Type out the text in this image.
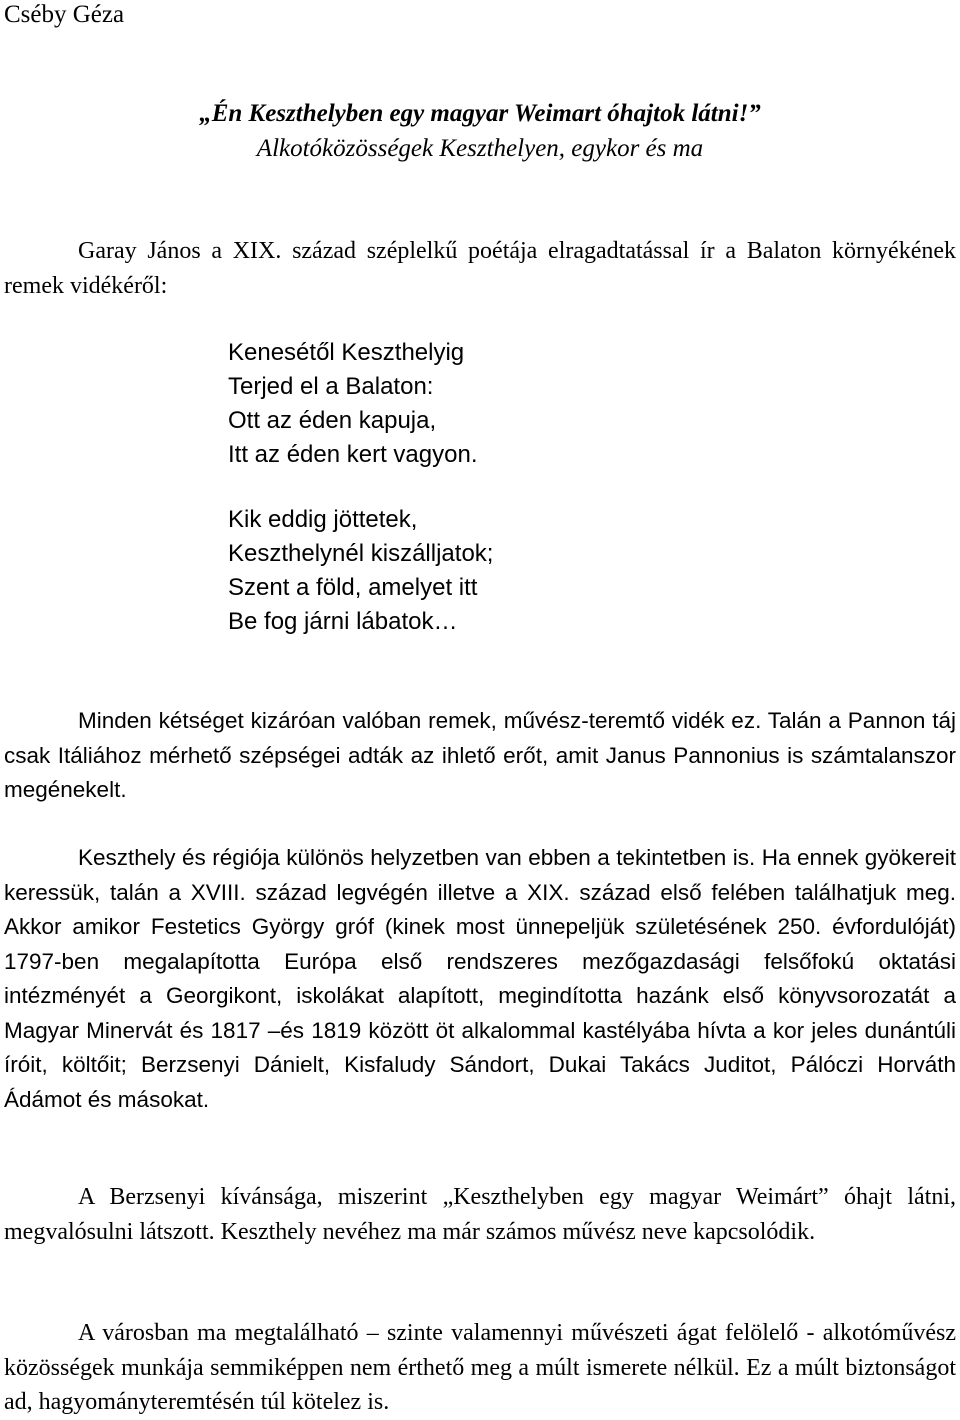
Cséby Géza
„Én Keszthelyben egy magyar Weimart óhajtok látni!”
Alkotóközösségek Keszthelyen, egykor és ma

Garay János a XIX. század széplelkű poétája elragadtatással ír a Balaton környékének remek vidékéről:

Kenesétől Keszthelyig
Terjed el a Balaton:
Ott az éden kapuja,
Itt az éden kert vagyon.
Kik eddig jöttetek,
Keszthelynél kiszálljatok;
Szent a föld, amelyet itt
Be fog járni lábatok…

Minden kétséget kizáróan valóban remek, művész-teremtő vidék ez. Talán a Pannon táj csak Itáliához mérhető szépségei adták az ihlető erőt, amit Janus Pannonius is számtalanszor megénekelt.

Keszthely és régiója különös helyzetben van ebben a tekintetben is. Ha ennek gyökereit keressük, talán a XVIII. század legvégén illetve a XIX. század első felében találhatjuk meg. Akkor amikor Festetics György gróf (kinek most ünnepeljük születésének 250. évfordulóját) 1797-ben megalapította Európa első rendszeres mezőgazdasági felsőfokú oktatási intézményét a Georgikont, iskolákat alapított, megindította hazánk első könyvsorozatát a Magyar Minervát és 1817 –és 1819 között öt alkalommal kastélyába hívta a kor jeles dunántúli íróit, költőit; Berzsenyi Dánielt, Kisfaludy Sándort, Dukai Takács Juditot, Pálóczi Horváth Ádámot és másokat.

A Berzsenyi kívánsága, miszerint „Keszthelyben egy magyar Weimárt” óhajt látni, megvalósulni látszott. Keszthely nevéhez ma már számos művész neve kapcsolódik.

A városban ma megtalálható – szinte valamennyi művészeti ágat felölelő - alkotóművész közösségek munkája semmiképpen nem érthető meg a múlt ismerete nélkül. Ez a múlt biztonságot ad, hagyományteremtésén túl kötelez is.
